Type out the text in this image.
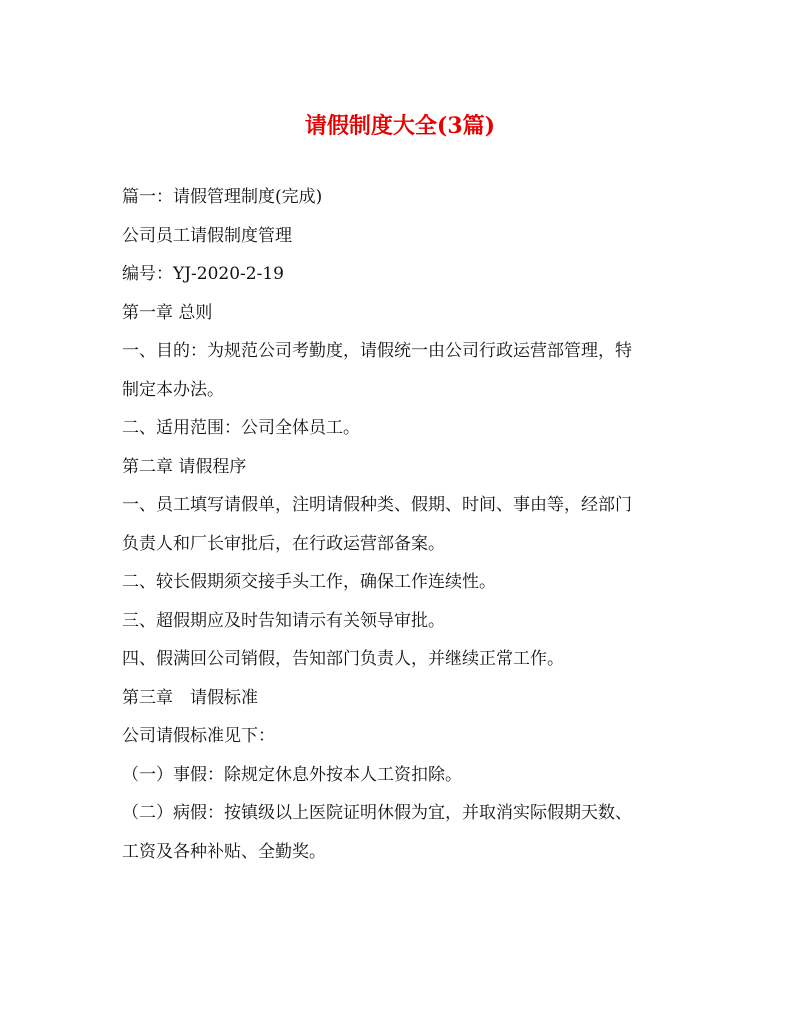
请假制度大全(3篇)

篇一：请假管理制度(完成)

公司员工请假制度管理

编号：YJ-2020-2-19

第一章 总则

一、目的：为规范公司考勤度，请假统一由公司行政运营部管理，特

制定本办法。

二、适用范围：公司全体员工。

第二章 请假程序

一、员工填写请假单，注明请假种类、假期、时间、事由等，经部门

负责人和厂长审批后，在行政运营部备案。

二、较长假期须交接手头工作，确保工作连续性。

三、超假期应及时告知请示有关领导审批。

四、假满回公司销假，告知部门负责人，并继续正常工作。

第三章　请假标准

公司请假标准见下：

（一）事假：除规定休息外按本人工资扣除。

（二）病假：按镇级以上医院证明休假为宜，并取消实际假期天数、

工资及各种补贴、全勤奖。
